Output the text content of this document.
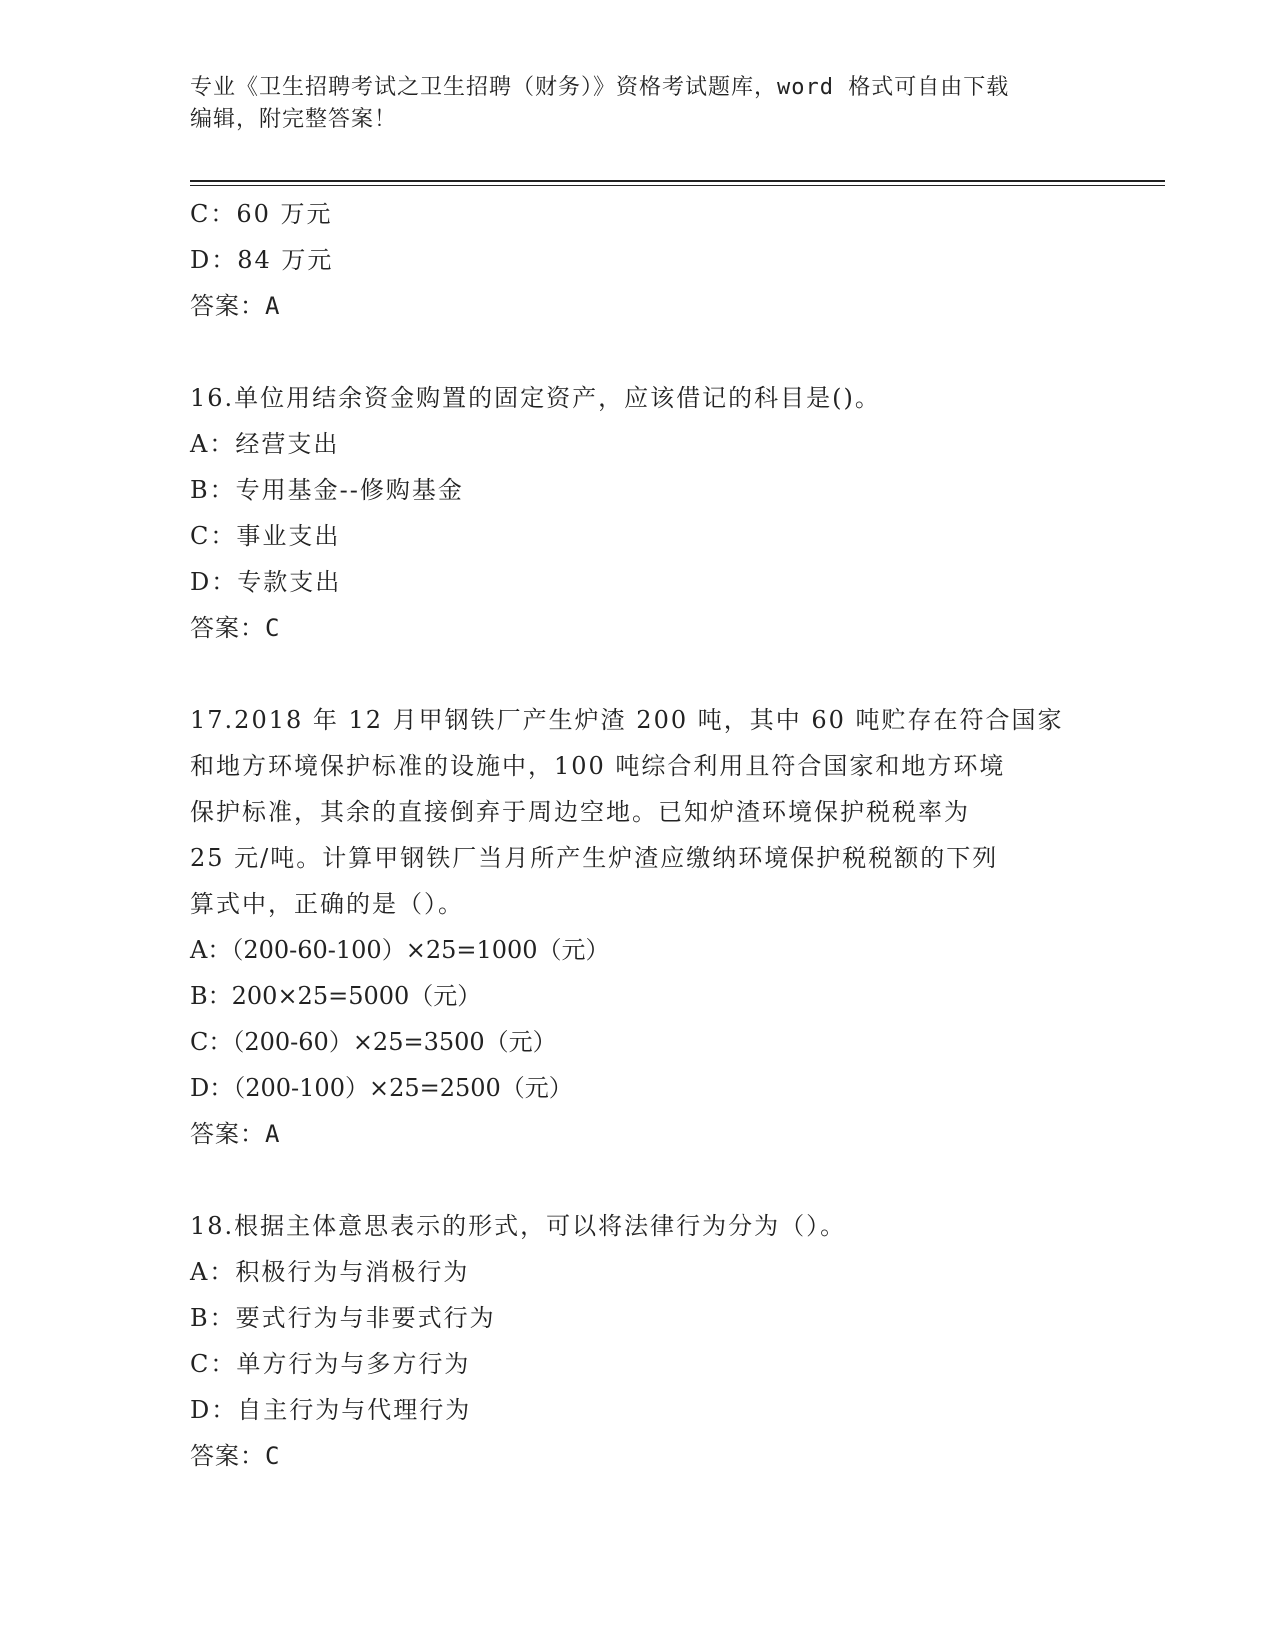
专业《卫生招聘考试之卫生招聘（财务）》资格考试题库，word 格式可自由下载
编辑，附完整答案！

C：60 万元

D：84 万元

答案：A

16.单位用结余资金购置的固定资产，应该借记的科目是()。

A：经营支出

B：专用基金--修购基金

C：事业支出

D：专款支出

答案：C

17.2018 年 12 月甲钢铁厂产生炉渣 200 吨，其中 60 吨贮存在符合国家

和地方环境保护标准的设施中，100 吨综合利用且符合国家和地方环境

保护标准，其余的直接倒弃于周边空地。已知炉渣环境保护税税率为

25 元/吨。计算甲钢铁厂当月所产生炉渣应缴纳环境保护税税额的下列

算式中，正确的是（）。

A：（200-60-100）×25=1000（元）

B：200×25=5000（元）

C：（200-60）×25=3500（元）

D：（200-100）×25=2500（元）

答案：A

18.根据主体意思表示的形式，可以将法律行为分为（）。

A：积极行为与消极行为

B：要式行为与非要式行为

C：单方行为与多方行为

D：自主行为与代理行为

答案：C
